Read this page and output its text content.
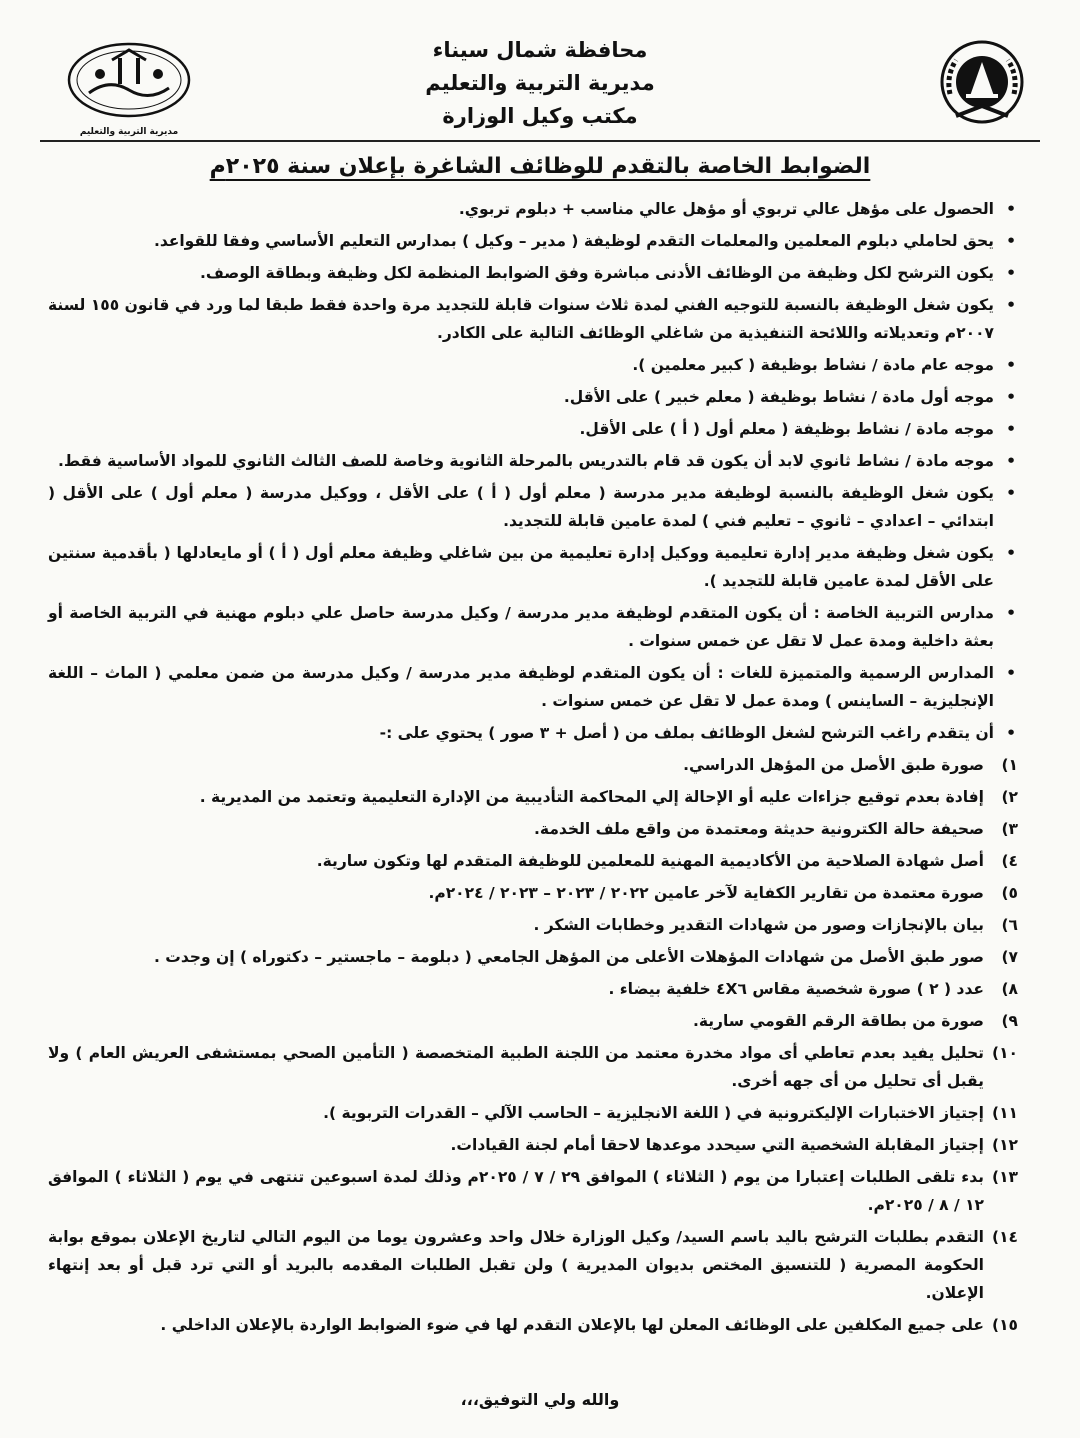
محافظة شمال سيناء
مديرية التربية والتعليم
مكتب وكيل الوزارة
مديرية التربية والتعليم
الضوابط الخاصة بالتقدم للوظائف الشاغرة بإعلان سنة ٢٠٢٥م

•
الحصول على مؤهل عالي تربوي أو مؤهل عالي مناسب + دبلوم تربوي.

•
يحق لحاملي دبلوم المعلمين والمعلمات التقدم لوظيفة ( مدير – وكيل ) بمدارس التعليم الأساسي وفقا للقواعد.

•
يكون الترشح لكل وظيفة من الوظائف الأدنى مباشرة وفق الضوابط المنظمة لكل وظيفة وبطاقة الوصف.

•
يكون شغل الوظيفة بالنسبة للتوجيه الفني لمدة ثلاث سنوات قابلة للتجديد مرة واحدة فقط طبقا لما ورد في قانون ١٥٥ لسنة ٢٠٠٧م وتعديلاته واللائحة التنفيذية من شاغلي الوظائف التالية على الكادر.

•
موجه عام مادة / نشاط بوظيفة ( كبير معلمين ).

•
موجه أول مادة / نشاط بوظيفة ( معلم خبير ) على الأقل.

•
موجه مادة / نشاط بوظيفة ( معلم أول ( أ ) على الأقل.

•
موجه مادة / نشاط ثانوي لابد أن يكون قد قام بالتدريس بالمرحلة الثانوية وخاصة للصف الثالث الثانوي للمواد الأساسية فقط.

•
يكون شغل الوظيفة بالنسبة لوظيفة مدير مدرسة ( معلم أول ( أ ) على الأقل ، ووكيل مدرسة ( معلم أول ) على الأقل ( ابتدائي – اعدادي – ثانوي – تعليم فني ) لمدة عامين قابلة للتجديد.

•
يكون شغل وظيفة مدير إدارة تعليمية ووكيل إدارة تعليمية من بين شاغلي وظيفة معلم أول ( أ ) أو مايعادلها ( بأقدمية سنتين على الأقل لمدة عامين قابلة للتجديد ).

•
مدارس التربية الخاصة : أن يكون المتقدم لوظيفة مدير مدرسة / وكيل مدرسة حاصل علي دبلوم مهنية في التربية الخاصة أو بعثة داخلية ومدة عمل لا تقل عن خمس سنوات .

•
المدارس الرسمية والمتميزة للغات : أن يكون المتقدم لوظيفة مدير مدرسة / وكيل مدرسة من ضمن معلمي ( الماث – اللغة الإنجليزية – الساينس ) ومدة عمل لا تقل عن خمس سنوات .

•
أن يتقدم راغب الترشح لشغل الوظائف بملف من ( أصل + ٣ صور ) يحتوي على :-

١)
صورة طبق الأصل من المؤهل الدراسي.

٢)
إفادة بعدم توقيع جزاءات عليه أو الإحالة إلي المحاكمة التأديبية من الإدارة التعليمية وتعتمد من المديرية .

٣)
صحيفة حالة الكترونية حديثة ومعتمدة من واقع ملف الخدمة.

٤)
أصل شهادة الصلاحية من الأكاديمية المهنية للمعلمين للوظيفة المتقدم لها وتكون سارية.

٥)
صورة معتمدة من تقارير الكفاية لآخر عامين ٢٠٢٢ / ٢٠٢٣ – ٢٠٢٣ / ٢٠٢٤م.

٦)
بيان بالإنجازات وصور من شهادات التقدير وخطابات الشكر .

٧)
صور طبق الأصل من شهادات المؤهلات الأعلى من المؤهل الجامعي ( دبلومة – ماجستير – دكتوراه ) إن وجدت .

٨)
عدد ( ٢ ) صورة شخصية مقاس ٤X٦ خلفية بيضاء .

٩)
صورة من بطاقة الرقم القومي سارية.

١٠)
تحليل يفيد بعدم تعاطي أى مواد مخدرة معتمد من اللجنة الطبية المتخصصة ( التأمين الصحي بمستشفى العريش العام ) ولا يقبل أى تحليل من أى جهه أخرى.

١١)
إجتياز الاختبارات الإليكترونية في ( اللغة الانجليزية – الحاسب الآلي – القدرات التربوية ).

١٢)
إجتياز المقابلة الشخصية التي سيحدد موعدها لاحقا أمام لجنة القيادات.

١٣)
بدء تلقى الطلبات إعتبارا من يوم ( الثلاثاء ) الموافق ٢٩ / ٧ / ٢٠٢٥م وذلك لمدة اسبوعين تنتهى في يوم ( الثلاثاء ) الموافق ١٢ / ٨ / ٢٠٢٥م.

١٤)
التقدم بطلبات الترشح باليد باسم السيد/ وكيل الوزارة خلال واحد وعشرون يوما من اليوم التالي لتاريخ الإعلان بموقع بوابة الحكومة المصرية ( للتنسيق المختص بديوان المديرية ) ولن تقبل الطلبات المقدمه بالبريد أو التي ترد قبل أو بعد إنتهاء الإعلان.

١٥)
على جميع المكلفين على الوظائف المعلن لها بالإعلان التقدم لها في ضوء الضوابط الواردة بالإعلان الداخلي .

والله ولي التوفيق،،،
